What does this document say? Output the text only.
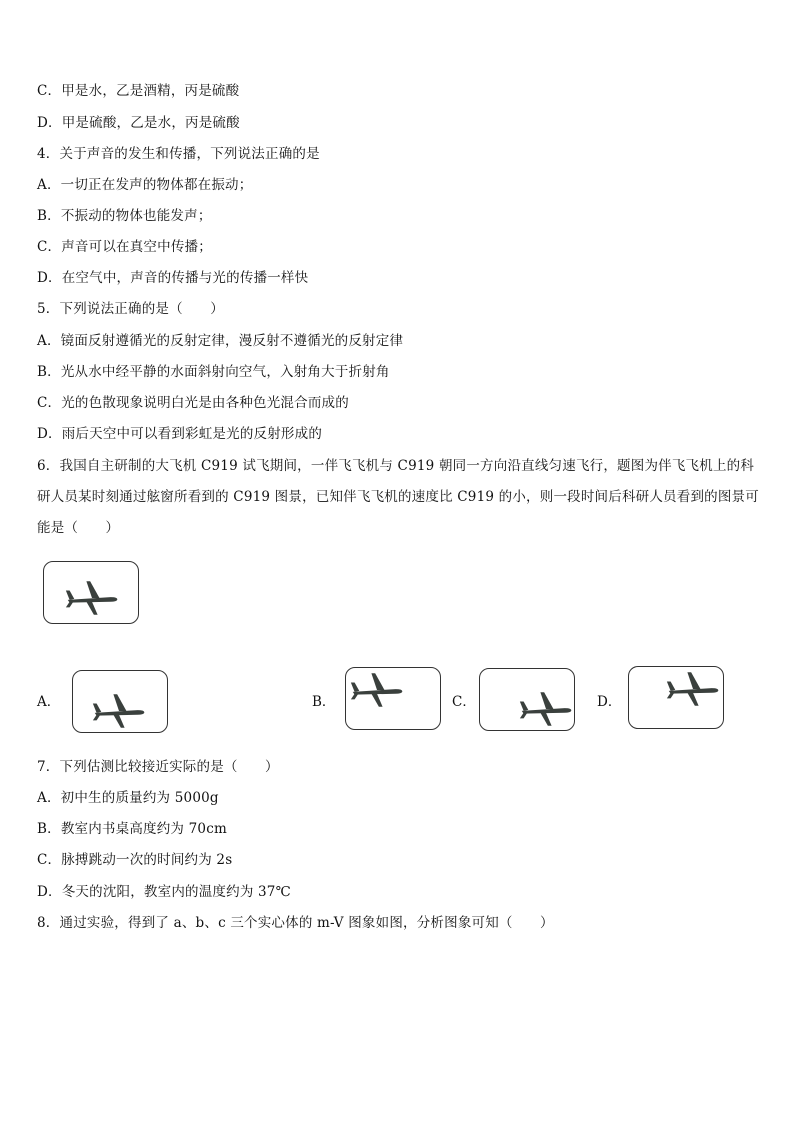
C．甲是水，乙是酒精，丙是硫酸
D．甲是硫酸，乙是水，丙是硫酸
4．关于声音的发生和传播，下列说法正确的是
A．一切正在发声的物体都在振动；
B．不振动的物体也能发声；
C．声音可以在真空中传播；
D．在空气中，声音的传播与光的传播一样快
5．下列说法正确的是（　　）
A．镜面反射遵循光的反射定律，漫反射不遵循光的反射定律
B．光从水中经平静的水面斜射向空气，入射角大于折射角
C．光的色散现象说明白光是由各种色光混合而成的
D．雨后天空中可以看到彩虹是光的反射形成的
6．我国自主研制的大飞机 C919 试飞期间，一伴飞飞机与 C919 朝同一方向沿直线匀速飞行，题图为伴飞飞机上的科
研人员某时刻通过舷窗所看到的 C919 图景，已知伴飞飞机的速度比 C919 的小，则一段时间后科研人员看到的图景可
能是（　　）
A．	B．	C．	D．
7．下列估测比较接近实际的是（　　）
A．初中生的质量约为 5000g
B．教室内书桌高度约为 70cm
C．脉搏跳动一次的时间约为 2s
D．冬天的沈阳，教室内的温度约为 37℃
8．通过实验，得到了 a、b、c 三个实心体的 m-V 图象如图，分析图象可知（　　）
